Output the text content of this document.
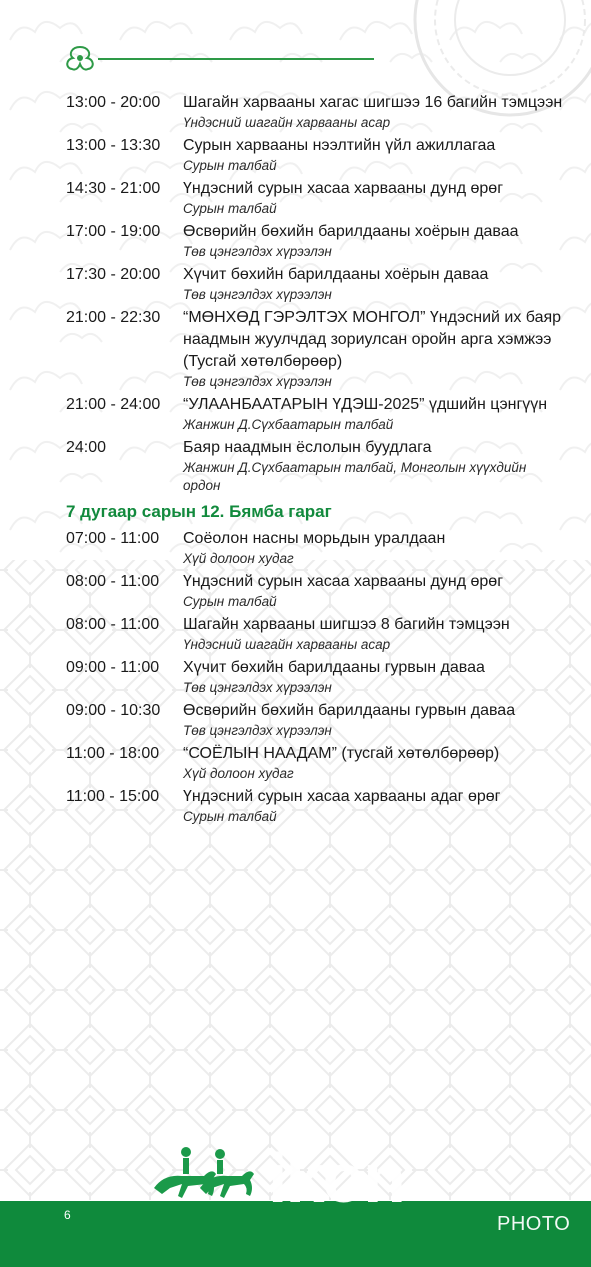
13:00 - 20:00	Шагайн харвааны хагас шигшээ 16 багийн тэмцээн
Үндэсний шагайн харвааны асар
13:00 - 13:30	Сурын харвааны нээлтийн үйл ажиллагаа
Сурын талбай
14:30 - 21:00	Үндэсний сурын хасаа харвааны дунд өрөг
Сурын талбай
17:00 - 19:00	Өсвөрийн бөхийн барилдааны хоёрын даваа
Төв цэнгэлдэх хүрээлэн
17:30 - 20:00	Хүчит бөхийн барилдааны хоёрын даваа
Төв цэнгэлдэх хүрээлэн
21:00 - 22:30	“МӨНХӨД ГЭРЭЛТЭХ МОНГОЛ” Үндэсний их баяр наадмын жуулчдад зориулсан оройн арга хэмжээ (Тусгай хөтөлбөрөөр)
Төв цэнгэлдэх хүрээлэн
21:00 - 24:00	“УЛААНБААТАРЫН ҮДЭШ-2025” үдшийн цэнгүүн
Жанжин Д.Сүхбаатарын талбай
24:00	Баяр наадмын ёслолын буудлага
Жанжин Д.Сүхбаатарын талбай, Монголын хүүхдийн ордон
7 дугаар сарын 12. Бямба гараг
07:00 - 11:00	Соёолон насны морьдын уралдаан
Хүй долоон худаг
08:00 - 11:00	Үндэсний сурын хасаа харвааны дунд өрөг
Сурын талбай
08:00 - 11:00	Шагайн харвааны шигшээ 8 багийн тэмцээн
Үндэсний шагайн харвааны асар
09:00 - 11:00	Хүчит бөхийн барилдааны гурвын даваа
Төв цэнгэлдэх хүрээлэн
09:00 - 10:30	Өсвөрийн бөхийн барилдааны гурвын даваа
Төв цэнгэлдэх хүрээлэн
11:00 - 18:00	“СОЁЛЫН НААДАМ” (тусгай хөтөлбөрөөр)
Хүй долоон худаг
11:00 - 15:00	Үндэсний сурын хасаа харвааны адаг өрөг
Сурын талбай
6	ikon
PHOTO
